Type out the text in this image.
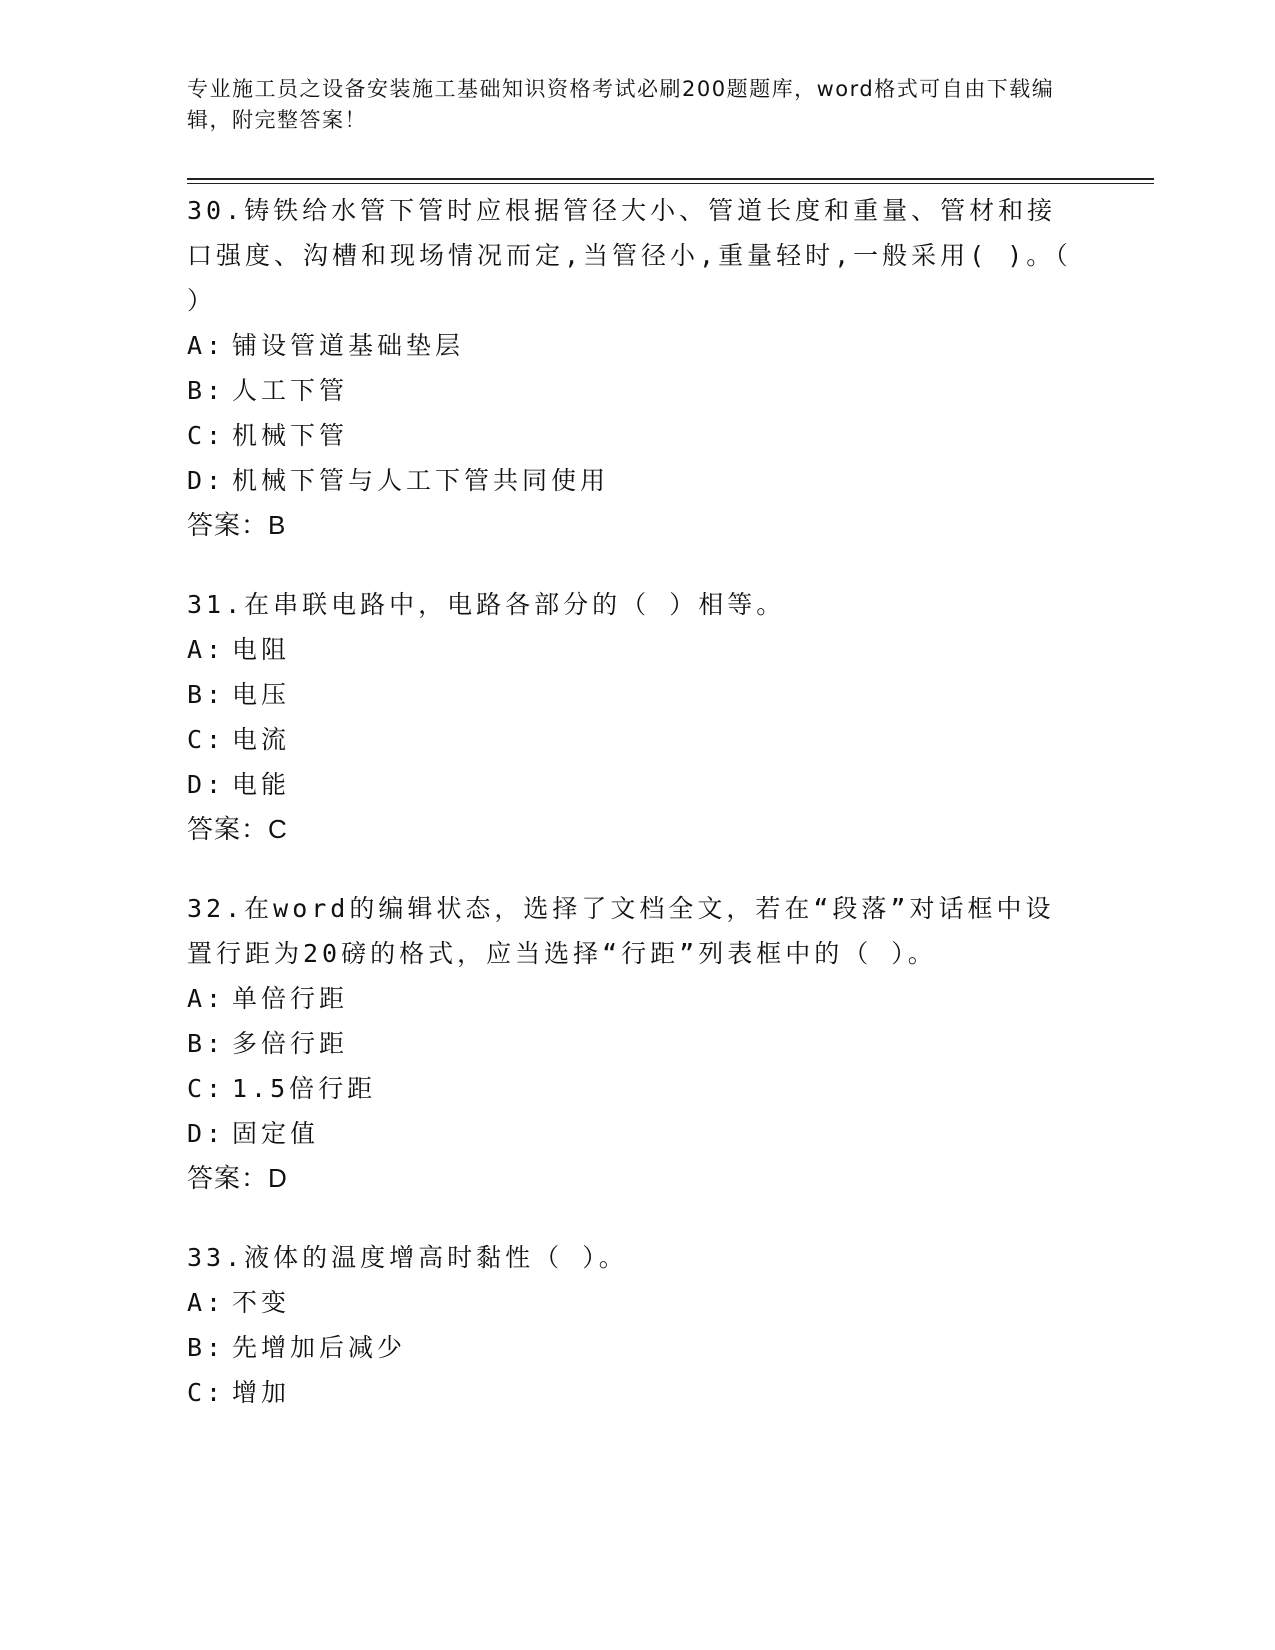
专业施工员之设备安装施工基础知识资格考试必刷200题题库，word格式可自由下载编辑，附完整答案！

30.铸铁给水管下管时应根据管径大小、管道长度和重量、管材和接口强度、沟槽和现场情况而定,当管径小,重量轻时,一般采用( )。（ ）

A: 铺设管道基础垫层
B: 人工下管
C: 机械下管
D: 机械下管与人工下管共同使用
答案：B

31.在串联电路中，电路各部分的（ ）相等。

A: 电阻
B: 电压
C: 电流
D: 电能
答案：C

32.在word的编辑状态，选择了文档全文，若在“段落”对话框中设置行距为20磅的格式，应当选择“行距”列表框中的（ ）。

A: 单倍行距
B: 多倍行距
C: 1.5倍行距
D: 固定值
答案：D

33.液体的温度增高时黏性（ ）。

A: 不变
B: 先增加后减少
C: 增加
